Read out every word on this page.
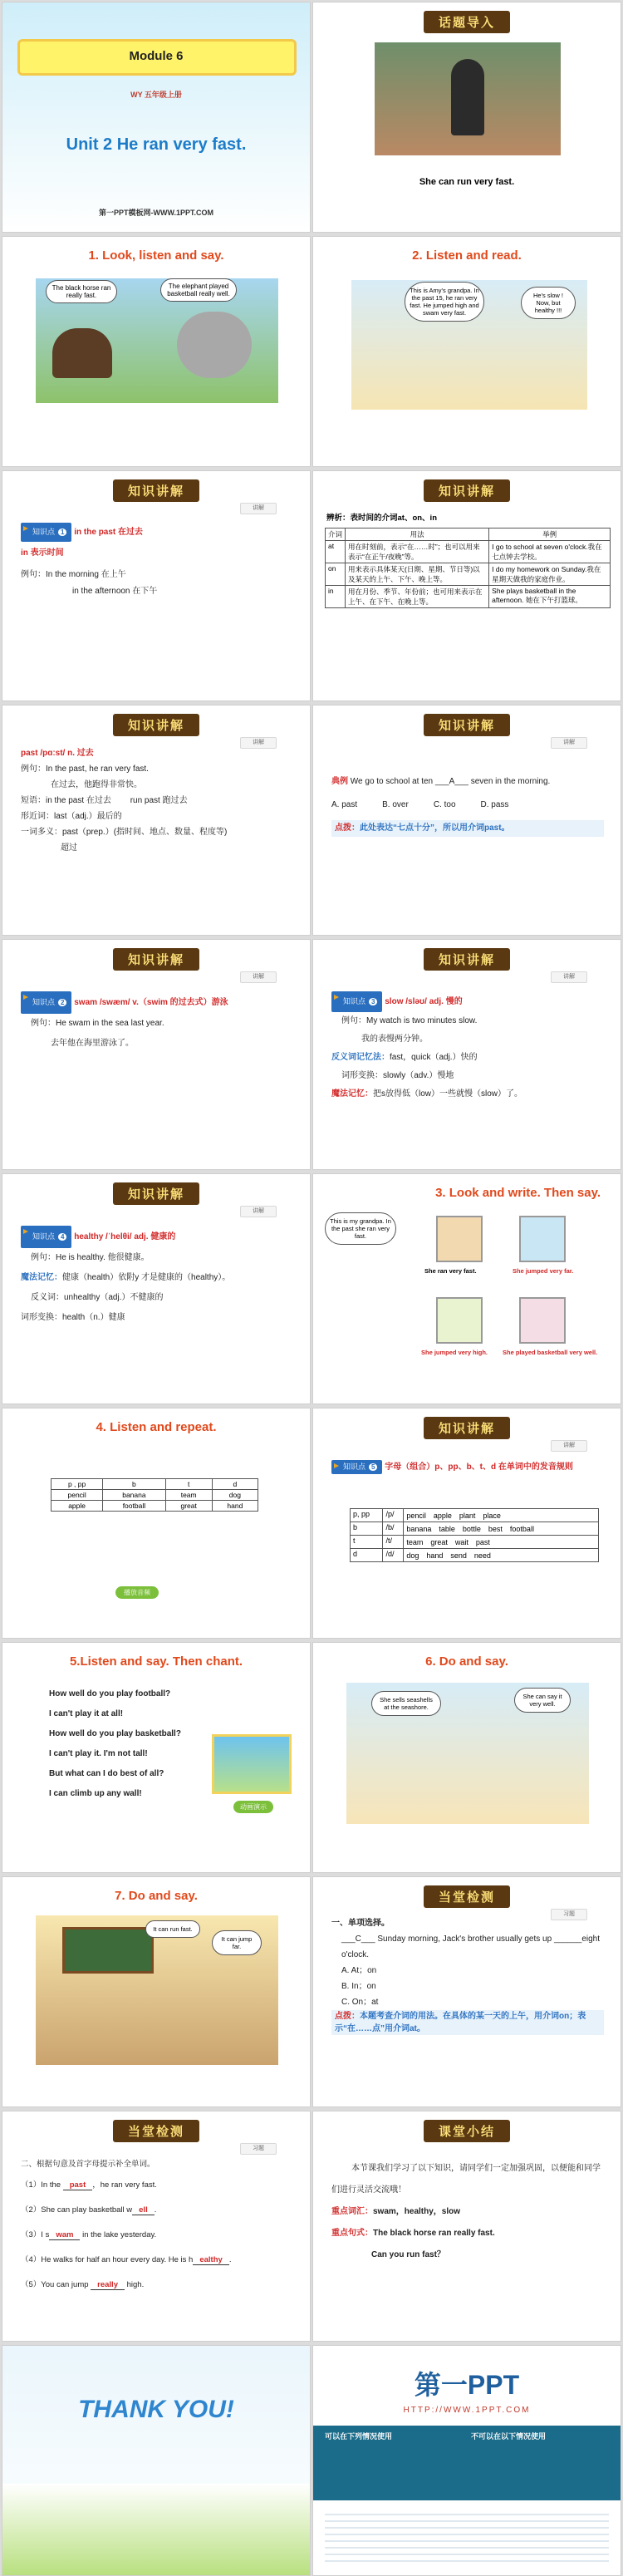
Module 6
WY 五年级上册
Unit 2 He ran very fast.
第一PPT模板网-WWW.1PPT.COM
话题导入
She can run very fast.
1. Look, listen and say.
The black horse ran really fast.
The elephant played basketball really well.
2. Listen and read.
This is Amy's grandpa. In the past 15, he ran very fast. He jumped high and swam very fast.
He's slow ! Now, but healthy !!!
知识讲解
讲解
知识点 1 in the past 在过去
in 表示时间
例句：In the morning 在上午
in the afternoon 在下午
知识讲解
辨析：表时间的介词at、on、in
介词	用法	举例
at	用在时刻前，表示“在……时”；也可以用来表示“在正午/夜晚”等。	I go to school at seven o'clock.我在七点钟去学校。
on	用来表示具体某天(日期、星期、节日等)以及某天的上午、下午、晚上等。	I do my homework on Sunday.我在星期天做我的家庭作业。
in	用在月份、季节、年份前；也可用来表示在上午、在下午、在晚上等。	She plays basketball in the afternoon. 她在下午打篮球。
知识讲解
讲解
past /pɑːst/ n. 过去
例句：In the past, he ran very fast.
在过去，他跑得非常快。
短语：in the past 在过去 　　run past 跑过去
形近词：last（adj.）最后的
一词多义：past（prep.）(指时间、地点、数量、程度等)
超过
知识讲解
讲解
典例 We go to school at ten ___A___ seven in the morning.
A. past	B. over	C. too	D. pass
点拨：此处表达“七点十分”，所以用介词past。
知识讲解
讲解
知识点 2 swam /swæm/ v.（swim 的过去式）游泳
例句：He swam in the sea last year.
去年他在海里游泳了。
知识讲解
讲解
知识点 3 slow /sləʊ/ adj. 慢的
例句：My watch is two minutes slow.
我的表慢两分钟。
反义词记忆法：fast，quick（adj.）快的
词形变换：slowly（adv.）慢地
魔法记忆：把s放得低（low）一些就慢（slow）了。
知识讲解
讲解
知识点 4 healthy /ˈhelθi/ adj. 健康的
例句：He is healthy. 他很健康。
魔法记忆：健康（health）依附y 才是健康的（healthy）。
反义词：unhealthy（adj.）不健康的
词形变换：health（n.）健康
3. Look and write. Then say.
This is my grandpa. In the past she ran very fast.
She ran very fast.	She jumped very far.
She jumped very high. She played basketball very well.
4. Listen and repeat.
p , pp	b	t	d
pencil	banana	team	dog
apple	football	great	hand
播放音频
知识讲解
讲解
知识点 5 字母（组合）p、pp、b、t、d 在单词中的发音规则
p, pp	/p/	pencil　apple　plant　place
b	/b/	banana　table　bottle　best　football
t	/t/	team　great　wait　past
d	/d/	dog　hand　send　need
5.Listen and say. Then chant.
How well do you play football?
I can't play it at all!
How well do you play basketball?
I can't play it. I'm not tall!
But what can I do best of all?
I can climb up any wall!
动画演示
6. Do and say.
She sells seashells at the seashore.
She can say it very well.
7. Do and say.
It can run fast.
It can jump far.
当堂检测
习题
一、单项选择。
___C___ Sunday morning, Jack's brother usually gets up ______eight o'clock.
A. At；on
B. In；on
C. On；at
点拨：本题考查介词的用法。在具体的某一天的上午，用介词on；表示“在……点”用介词at。
当堂检测
习题
二、根据句意及首字母提示补全单词。
（1）In the past ，he ran very fast.
（2）She can play basketball w ell .
（3）I s wam in the lake yesterday.
（4）He walks for half an hour every day. He is h ealthy .
（5）You can jump really high.
课堂小结
本节课我们学习了以下知识，请同学们一定加强巩固，以便能和同学们进行灵活交流哦！
重点词汇：swam，healthy，slow
重点句式：The black horse ran really fast.
Can you run fast？
THANK YOU!
第一PPT
HTTP://WWW.1PPT.COM
可以在下列情况使用	不可以在以下情况使用
